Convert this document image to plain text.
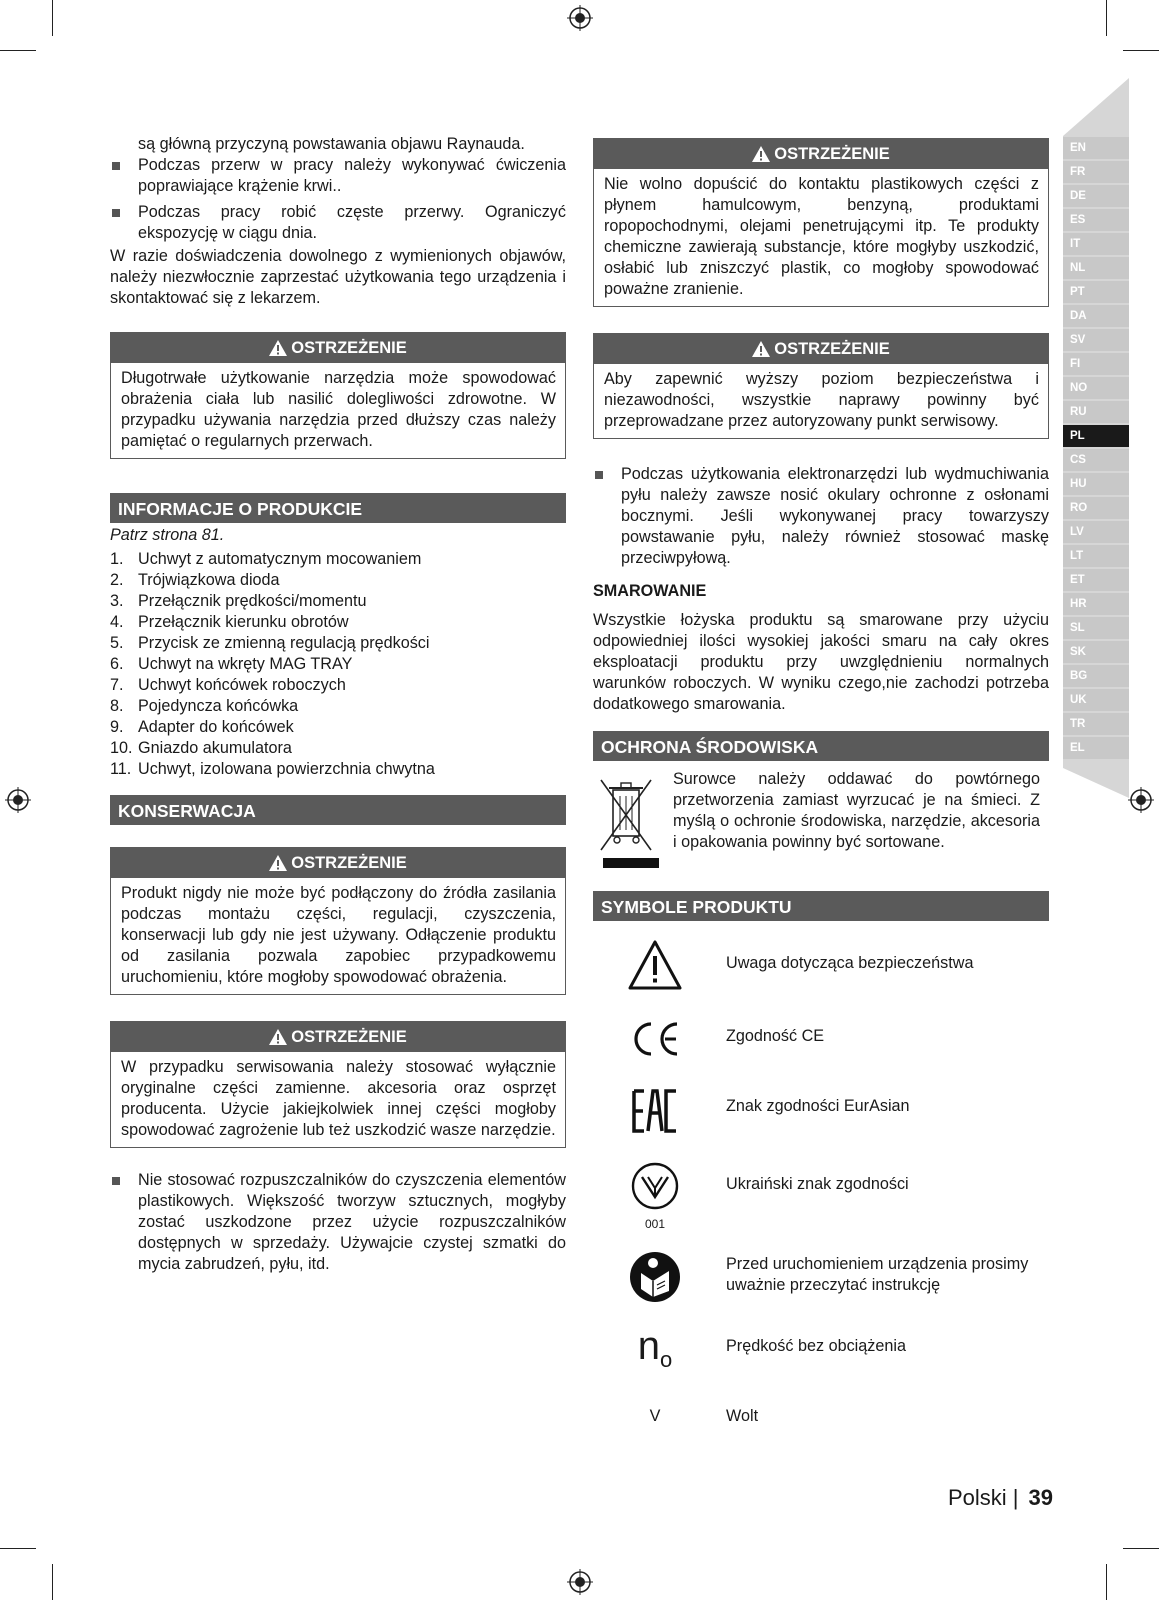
EN
FR
DE
ES
IT
NL
PT
DA
SV
FI
NO
RU
PL
CS
HU
RO
LV
LT
ET
HR
SL
SK
BG
UK
TR
EL

są główną przyczyną powstawania objawu Raynauda.

Podczas przerw w pracy należy wykonywać ćwiczenia poprawiające krążenie krwi..
Podczas pracy robić częste przerwy. Ograniczyć ekspozycję w ciągu dnia.

W razie doświadczenia dowolnego z wymienionych objawów, należy niezwłocznie zaprzestać użytkowania tego urządzenia i skontaktować się z lekarzem.

OSTRZEŻENIE
Długotrwałe użytkowanie narzędzia może spowodować obrażenia ciała lub nasilić dolegliwości zdrowotne. W przypadku używania narzędzia przed dłuższy czas należy pamiętać o regularnych przerwach.
INFORMACJE O PRODUKCIE

Patrz strona 81.

1. Uchwyt z automatycznym mocowaniem
2. Trójwiązkowa dioda
3. Przełącznik prędkości/momentu
4. Przełącznik kierunku obrotów
5. Przycisk ze zmienną regulacją prędkości
6. Uchwyt na wkręty MAG TRAY
7. Uchwyt końcówek roboczych
8. Pojedyncza końcówka
9. Adapter do końcówek
10. Gniazdo akumulatora
11. Uchwyt, izolowana powierzchnia chwytna
KONSERWACJA
OSTRZEŻENIE
Produkt nigdy nie może być podłączony do źródła zasilania podczas montażu części, regulacji, czyszczenia, konserwacji lub gdy nie jest używany. Odłączenie produktu od zasilania pozwala zapobiec przypadkowemu uruchomieniu, które mogłoby spowodować obrażenia.
OSTRZEŻENIE
W przypadku serwisowania należy stosować wyłącznie oryginalne części zamienne. akcesoria oraz osprzęt producenta. Użycie jakiejkolwiek innej części mogłoby spowodować zagrożenie lub też uszkodzić wasze narzędzie.
Nie stosować rozpuszczalników do czyszczenia elementów plastikowych. Większość tworzyw sztucznych, mogłyby zostać uszkodzone przez użycie rozpuszczalników dostępnych w sprzedaży. Używajcie czystej szmatki do mycia zabrudzeń, pyłu, itd.
OSTRZEŻENIE
Nie wolno dopuścić do kontaktu plastikowych części z płynem hamulcowym, benzyną, produktami ropopochodnymi, olejami penetrującymi itp. Te produkty chemiczne zawierają substancje, które mogłyby uszkodzić, osłabić lub zniszczyć plastik, co mogłoby spowodować poważne zranienie.
OSTRZEŻENIE
Aby zapewnić wyższy poziom bezpieczeństwa i niezawodności, wszystkie naprawy powinny być przeprowadzane przez autoryzowany punkt serwisowy.
Podczas użytkowania elektronarzędzi lub wydmuchiwania pyłu należy zawsze nosić okulary ochronne z osłonami bocznymi. Jeśli wykonywanej pracy towarzyszy powstawanie pyłu, należy również stosować maskę przeciwpyłową.

SMAROWANIE

Wszystkie łożyska produktu są smarowane przy użyciu odpowiedniej ilości wysokiej jakości smaru na cały okres eksploatacji produktu przy uwzględnieniu normalnych warunków roboczych. W wyniku czego,nie zachodzi potrzeba dodatkowego smarowania.

OCHRONA ŚRODOWISKA
Surowce należy oddawać do powtórnego przetworzenia zamiast wyrzucać je na śmieci. Z myślą o ochronie środowiska, narzędzie, akcesoria i opakowania powinny być sortowane.
SYMBOLE PRODUKTU
Uwaga dotycząca bezpieczeństwa
Zgodność CE
Znak zgodności EurAsian
001
Ukraiński znak zgodności
Przed uruchomieniem urządzenia prosimy uważnie przeczytać instrukcję
$n_o$
Prędkość bez obciążenia
V	Wolt
Polski | 39
